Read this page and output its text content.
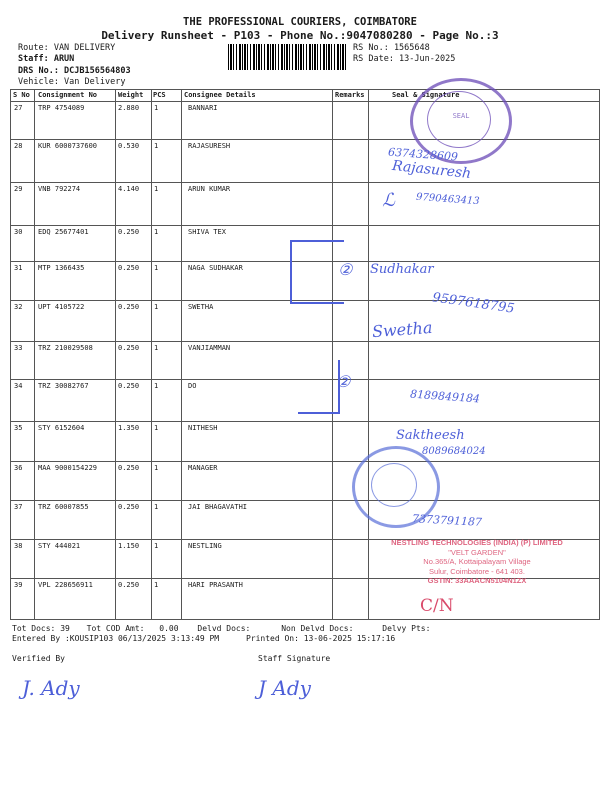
THE PROFESSIONAL COURIERS, COIMBATORE
Delivery Runsheet - P103 - Phone No.:9047080280 - Page No.:3
Route: VAN DELIVERY
Staff: ARUN
DRS No.: DCJB156564803
Vehicle: Van Delivery
RS No.: 1565648
RS Date: 13-Jun-2025
S No Consignment No	Weight PCS	Consignee Details	Remarks	Seal & Signature
27 TRP 4754089	2.880 1	BANNARI
28 KUR 6000737600	0.530 1	RAJASURESH
29 VNB 792274	4.140 1	ARUN KUMAR
30 EDQ 25677401	0.250 1	SHIVA TEX
31 MTP 1366435	0.250 1	NAGA SUDHAKAR
32 UPT 4105722	0.250 1	SWETHA
33 TRZ 210029508	0.250 1	VANJIAMMAN
34 TRZ 30082767	0.250 1	DO
35 STY 6152604	1.350 1	NITHESH
36 MAA 9000154229	0.250 1	MANAGER
37 TRZ 60007855	0.250 1	JAI BHAGAVATHI
38 STY 444021	1.150 1	NESTLING
39 VPL 228656911	0.250 1	HARI PRASANTH
Tot Docs: 39 Tot COD Amt: 0.00 Delvd Docs:	Non Delvd Docs:	Delvy Pts:
Entered By :KOUSIP103 06/13/2025 3:13:49 PM	Printed On: 13-06-2025 15:17:16
Verified By	Staff Signature
SEAL
6374328609
Rajasuresh
ℒ 9790463413
② Sudhakar
9597618795
Swetha
②
8189849184
Saktheesh
8089684024
7373791187
NESTLING TECHNOLOGIES (INDIA) (P) LIMITED
"VELT GARDEN"
No.365/A, Kottaipalayam Village
Sulur, Coimbatore - 641 403.
GSTIN: 33AAACN5104N1ZX
C/N
J. Ady	J Ady
